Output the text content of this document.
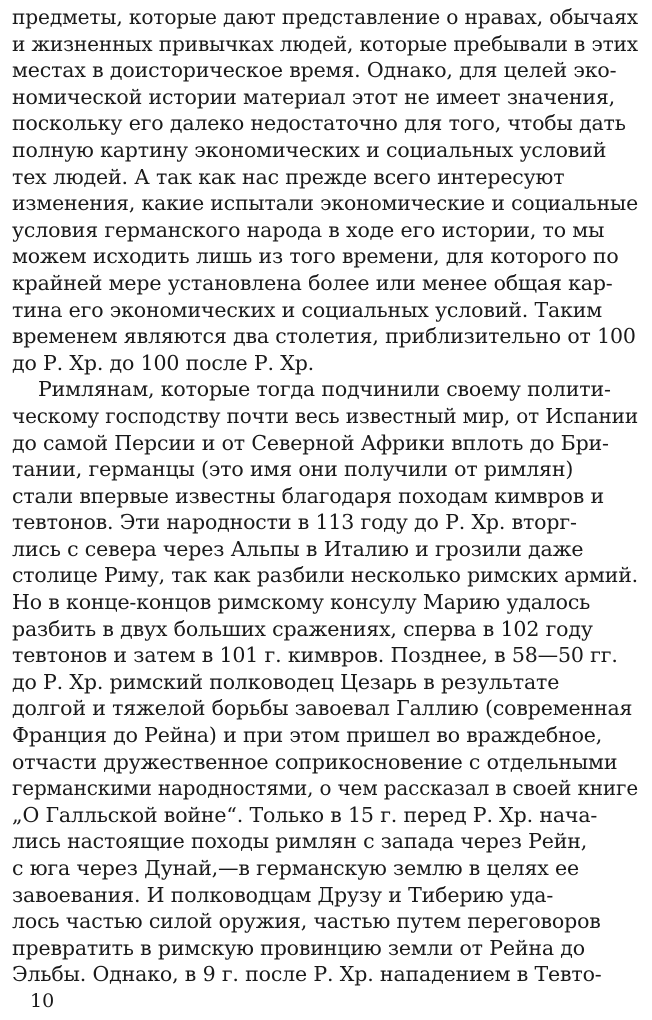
предметы, которые дают представление о нравах, обычаях
и жизненных привычках людей, которые пребывали в этих
местах в доисторическое время. Однако, для целей эко-
номической истории материал этот не имеет значения,
поскольку его далеко недостаточно для того, чтобы дать
полную картину экономических и социальных условий
тех людей. А так как нас прежде всего интересуют
изменения, какие испытали экономические и социальные
условия германского народа в ходе его истории, то мы
можем исходить лишь из того времени, для которого по
крайней мере установлена более или менее общая кар-
тина его экономических и социальных условий. Таким
временем являются два столетия, приблизительно от 100
до Р. Хр. до 100 после Р. Хр.
Римлянам, которые тогда подчинили своему полити-
ческому господству почти весь известный мир, от Испании
до самой Персии и от Северной Африки вплоть до Бри-
тании, германцы (это имя они получили от римлян)
стали впервые известны благодаря походам кимвров и
тевтонов. Эти народности в 113 году до Р. Хр. вторг-
лись с севера через Альпы в Италию и грозили даже
столице Риму, так как разбили несколько римских армий.
Но в конце-концов римскому консулу Марию удалось
разбить в двух больших сражениях, сперва в 102 году
тевтонов и затем в 101 г. кимвров. Позднее, в 58—50 гг.
до Р. Хр. римский полководец Цезарь в результате
долгой и тяжелой борьбы завоевал Галлию (современная
Франция до Рейна) и при этом пришел во враждебное,
отчасти дружественное соприкосновение с отдельными
германскими народностями, о чем рассказал в своей книге
„О Галльской войне“. Только в 15 г. перед Р. Хр. нача-
лись настоящие походы римлян с запада через Рейн,
с юга через Дунай,—в германскую землю в целях ее
завоевания. И полководцам Друзу и Тиберию уда-
лось частью силой оружия, частью путем переговоров
превратить в римскую провинцию земли от Рейна до
Эльбы. Однако, в 9 г. после Р. Хр. нападением в Тевто-
10
